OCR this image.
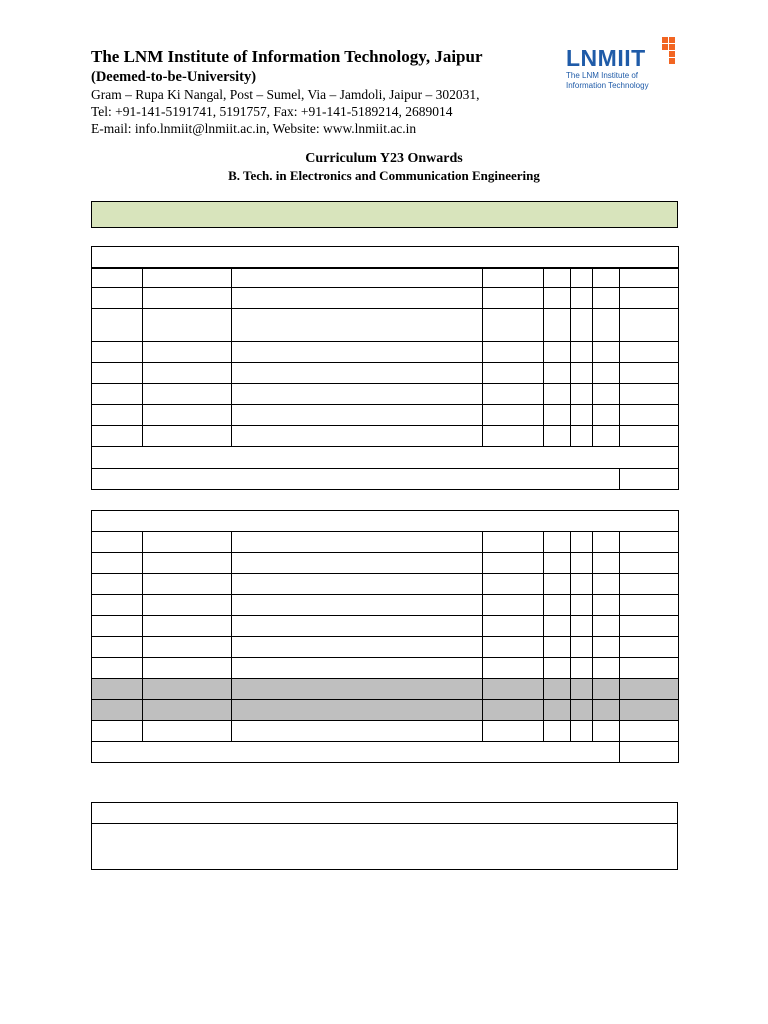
The LNM Institute of Information Technology, Jaipur
(Deemed-to-be-University)
Gram – Rupa Ki Nangal, Post – Sumel, Via – Jamdoli, Jaipur – 302031,
Tel: +91-141-5191741, 5191757, Fax: +91-141-5189214, 2689014
E-mail: info.lnmiit@lnmiit.ac.in, Website: www.lnmiit.ac.in
LNMIIT
The LNM Institute of
Information Technology
Curriculum Y23 Onwards
B. Tech. in Electronics and Communication Engineering
